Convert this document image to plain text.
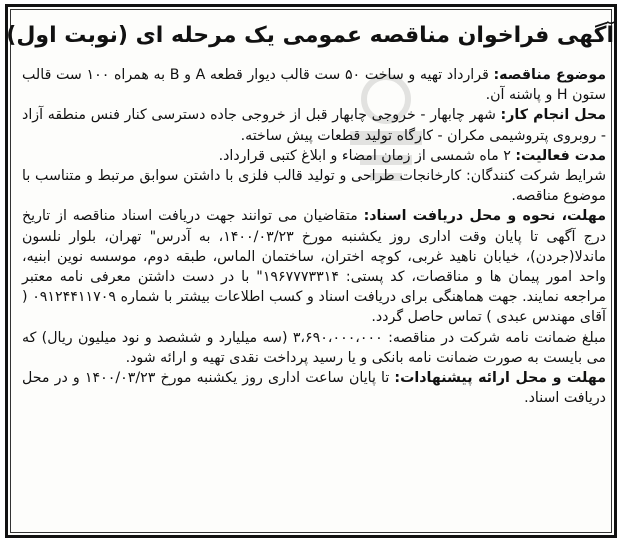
آگهی فراخوان مناقصه عمومی یک مرحله ای (نوبت اول)

موضوع مناقصه: قرارداد تهیه و ساخت ۵۰ ست قالب دیوار قطعه A و B به همراه ۱۰۰ ست قالب ستون H و پاشنه آن.

محل انجام کار: شهر چابهار - خروجی چابهار قبل از خروجی جاده دسترسی کنار فنس منطقه آزاد - روبروی پتروشیمی مکران - کارگاه تولید قطعات پیش ساخته.

مدت فعالیت: ۲ ماه شمسی از زمان امضاء و ابلاغ کتبی قرارداد.

شرایط شرکت کنندگان: کارخانجات طراحی و تولید قالب فلزی با داشتن سوابق مرتبط و متناسب با موضوع مناقصه.

مهلت، نحوه و محل دریافت اسناد: متقاضیان می توانند جهت دریافت اسناد مناقصه از تاریخ درج آگهی تا پایان وقت اداری روز یکشنبه مورخ ۱۴۰۰/۰۳/۲۳، به آدرس" تهران، بلوار نلسون ماندلا(جردن)، خیابان ناهید غربی، کوچه اختران، ساختمان الماس، طبقه دوم، موسسه نوین ابنیه، واحد امور پیمان ها و مناقصات، کد پستی: ۱۹۶۷۷۷۳۳۱۴" با در دست داشتن معرفی نامه معتبر مراجعه نمایند. جهت هماهنگی برای دریافت اسناد و کسب اطلاعات بیشتر با شماره ۰۹۱۲۴۴۱۱۷۰۹ ( آقای مهندس عبدی ) تماس حاصل گردد.

مبلغ ضمانت نامه شرکت در مناقصه: ۳،۶۹۰،۰۰۰،۰۰۰ (سه میلیارد و ششصد و نود میلیون ریال) که می بایست به صورت ضمانت نامه بانکی و یا رسید پرداخت نقدی تهیه و ارائه شود.

مهلت و محل ارائه پیشنهادات: تا پایان ساعت اداری روز یکشنبه مورخ ۱۴۰۰/۰۳/۲۳ و در محل دریافت اسناد.
